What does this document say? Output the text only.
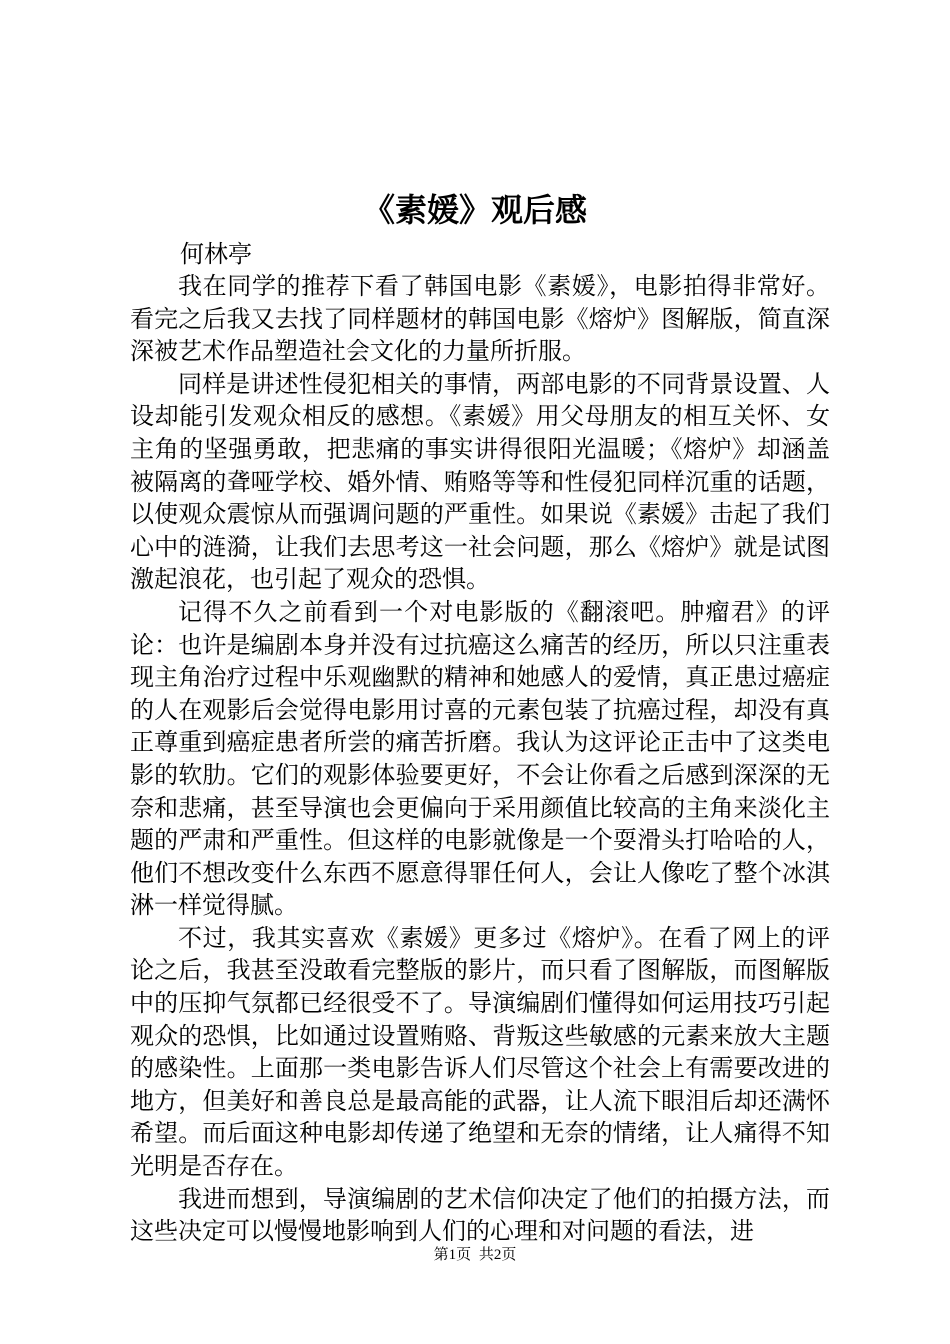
《素媛》观后感

何林亭

我在同学的推荐下看了韩国电影《素媛》，电影拍得非常好。看完之后我又去找了同样题材的韩国电影《熔炉》图解版，简直深深被艺术作品塑造社会文化的力量所折服。

同样是讲述性侵犯相关的事情，两部电影的不同背景设置、人设却能引发观众相反的感想。《素媛》用父母朋友的相互关怀、女主角的坚强勇敢，把悲痛的事实讲得很阳光温暖；《熔炉》却涵盖被隔离的聋哑学校、婚外情、贿赂等等和性侵犯同样沉重的话题，以使观众震惊从而强调问题的严重性。如果说《素媛》击起了我们心中的涟漪，让我们去思考这一社会问题，那么《熔炉》就是试图激起浪花，也引起了观众的恐惧。

记得不久之前看到一个对电影版的《翻滚吧。肿瘤君》的评论：也许是编剧本身并没有过抗癌这么痛苦的经历，所以只注重表现主角治疗过程中乐观幽默的精神和她感人的爱情，真正患过癌症的人在观影后会觉得电影用讨喜的元素包装了抗癌过程，却没有真正尊重到癌症患者所尝的痛苦折磨。我认为这评论正击中了这类电影的软肋。它们的观影体验要更好，不会让你看之后感到深深的无奈和悲痛，甚至导演也会更偏向于采用颜值比较高的主角来淡化主题的严肃和严重性。但这样的电影就像是一个耍滑头打哈哈的人，他们不想改变什么东西不愿意得罪任何人，会让人像吃了整个冰淇淋一样觉得腻。

不过，我其实喜欢《素媛》更多过《熔炉》。在看了网上的评论之后，我甚至没敢看完整版的影片，而只看了图解版，而图解版中的压抑气氛都已经很受不了。导演编剧们懂得如何运用技巧引起观众的恐惧，比如通过设置贿赂、背叛这些敏感的元素来放大主题的感染性。上面那一类电影告诉人们尽管这个社会上有需要改进的地方，但美好和善良总是最高能的武器，让人流下眼泪后却还满怀希望。而后面这种电影却传递了绝望和无奈的情绪，让人痛得不知光明是否存在。

我进而想到，导演编剧的艺术信仰决定了他们的拍摄方法，而这些决定可以慢慢地影响到人们的心理和对问题的看法，进

第1页 共2页
